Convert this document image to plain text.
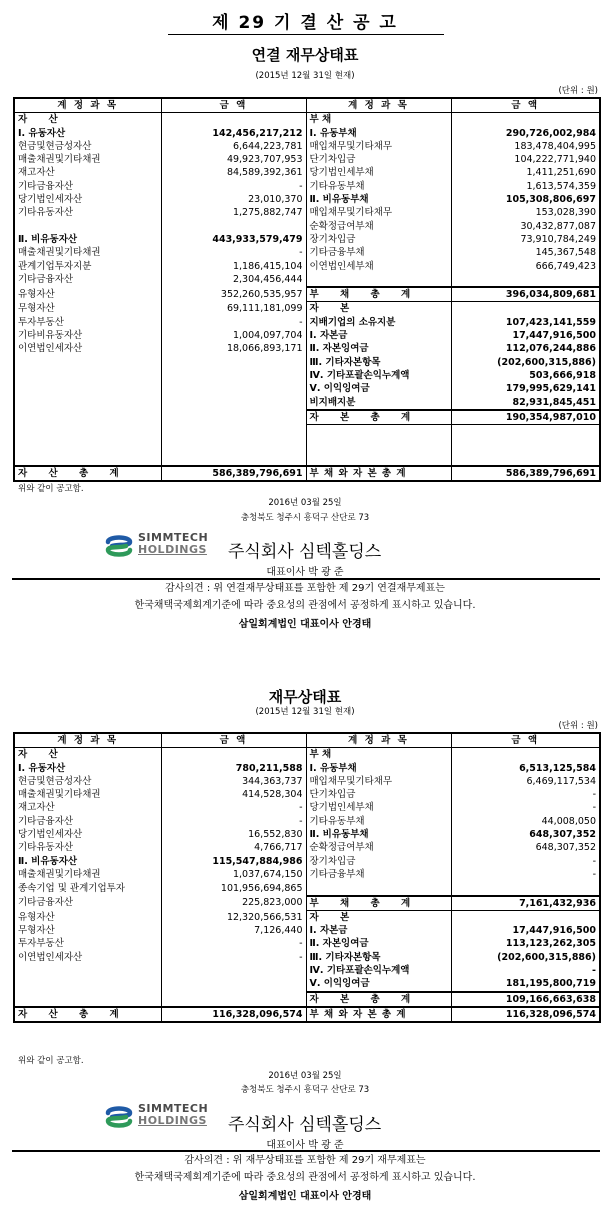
제 29 기 결 산 공 고
연결 재무상태표
(2015년 12월 31일 현재)
(단위 : 원)
계 정 과 목	금 액	계 정 과 목	금 액
자 산		부 채	
Ⅰ. 유동자산	142,456,217,212	Ⅰ. 유동부채	290,726,002,984
현금및현금성자산	6,644,223,781	매입채무및기타채무	183,478,404,995
매출채권및기타채권	49,923,707,953	단기차입금	104,222,771,940
재고자산	84,589,392,361	당기법인세부채	1,411,251,690
기타금융자산	-	기타유동부채	1,613,574,359
당기법인세자산	23,010,370	Ⅱ. 비유동부채	105,308,806,697
기타유동자산	1,275,882,747	매입채무및기타채무	153,028,390
		순확정급여부채	30,432,877,087
Ⅱ. 비유동자산	443,933,579,479	장기차입금	73,910,784,249
매출채권및기타채권	-	기타금융부채	145,367,548
관계기업투자지분	1,186,415,104	이연법인세부채	666,749,423
기타금융자산	2,304,456,444		
유형자산	352,260,535,957	부 채 총 계	396,034,809,681
무형자산	69,111,181,099	자 본	
투자부동산	-	지배기업의 소유지분	107,423,141,559
기타비유동자산	1,004,097,704	Ⅰ. 자본금	17,447,916,500
이연법인세자산	18,066,893,171	Ⅱ. 자본잉여금	112,076,244,886
		Ⅲ. 기타자본항목	(202,600,315,886)
		Ⅳ. 기타포괄손익누계액	503,666,918
		Ⅴ. 이익잉여금	179,995,629,141
		비지배지분	82,931,845,451
		자 본 총 계	190,354,987,010

자 산 총 계	586,389,796,691	부 채 와 자 본 총 계	586,389,796,691
위와 같이 공고함.
2016년 03월 25일
충청북도 청주시 흥덕구 산단로 73
SIMMTECH
HOLDINGS 주식회사 심텍홀딩스
대표이사 박 광 준
감사의견 : 위 연결재무상태표를 포함한 제 29기 연결재무제표는
한국채택국제회계기준에 따라 중요성의 관점에서 공정하게 표시하고 있습니다.
삼일회계법인 대표이사 안경태
재무상태표
(2015년 12월 31일 현재)
(단위 : 원)
계 정 과 목	금 액	계 정 과 목	금 액
자 산		부 채	
Ⅰ. 유동자산	780,211,588	Ⅰ. 유동부채	6,513,125,584
현금및현금성자산	344,363,737	매입채무및기타채무	6,469,117,534
매출채권및기타채권	414,528,304	단기차입금	-
재고자산	-	당기법인세부채	-
기타금융자산	-	기타유동부채	44,008,050
당기법인세자산	16,552,830	Ⅱ. 비유동부채	648,307,352
기타유동자산	4,766,717	순확정급여부채	648,307,352
Ⅱ. 비유동자산	115,547,884,986	장기차입금	-
매출채권및기타채권	1,037,674,150	기타금융부채	-
종속기업 및 관계기업투자	101,956,694,865		
기타금융자산	225,823,000	부 채 총 계	7,161,432,936
유형자산	12,320,566,531	자 본	
무형자산	7,126,440	Ⅰ. 자본금	17,447,916,500
투자부동산	-	Ⅱ. 자본잉여금	113,123,262,305
이연법인세자산	-	Ⅲ. 기타자본항목	(202,600,315,886)
		Ⅳ. 기타포괄손익누계액	-
		Ⅴ. 이익잉여금	181,195,800,719
		자 본 총 계	109,166,663,638
자 산 총 계	116,328,096,574	부 채 와 자 본 총 계	116,328,096,574
위와 같이 공고함.
2016년 03월 25일
충청북도 청주시 흥덕구 산단로 73
SIMMTECH
HOLDINGS 주식회사 심텍홀딩스
대표이사 박 광 준
감사의견 : 위 재무상태표를 포함한 제 29기 재무제표는
한국채택국제회계기준에 따라 중요성의 관점에서 공정하게 표시하고 있습니다.
삼일회계법인 대표이사 안경태
